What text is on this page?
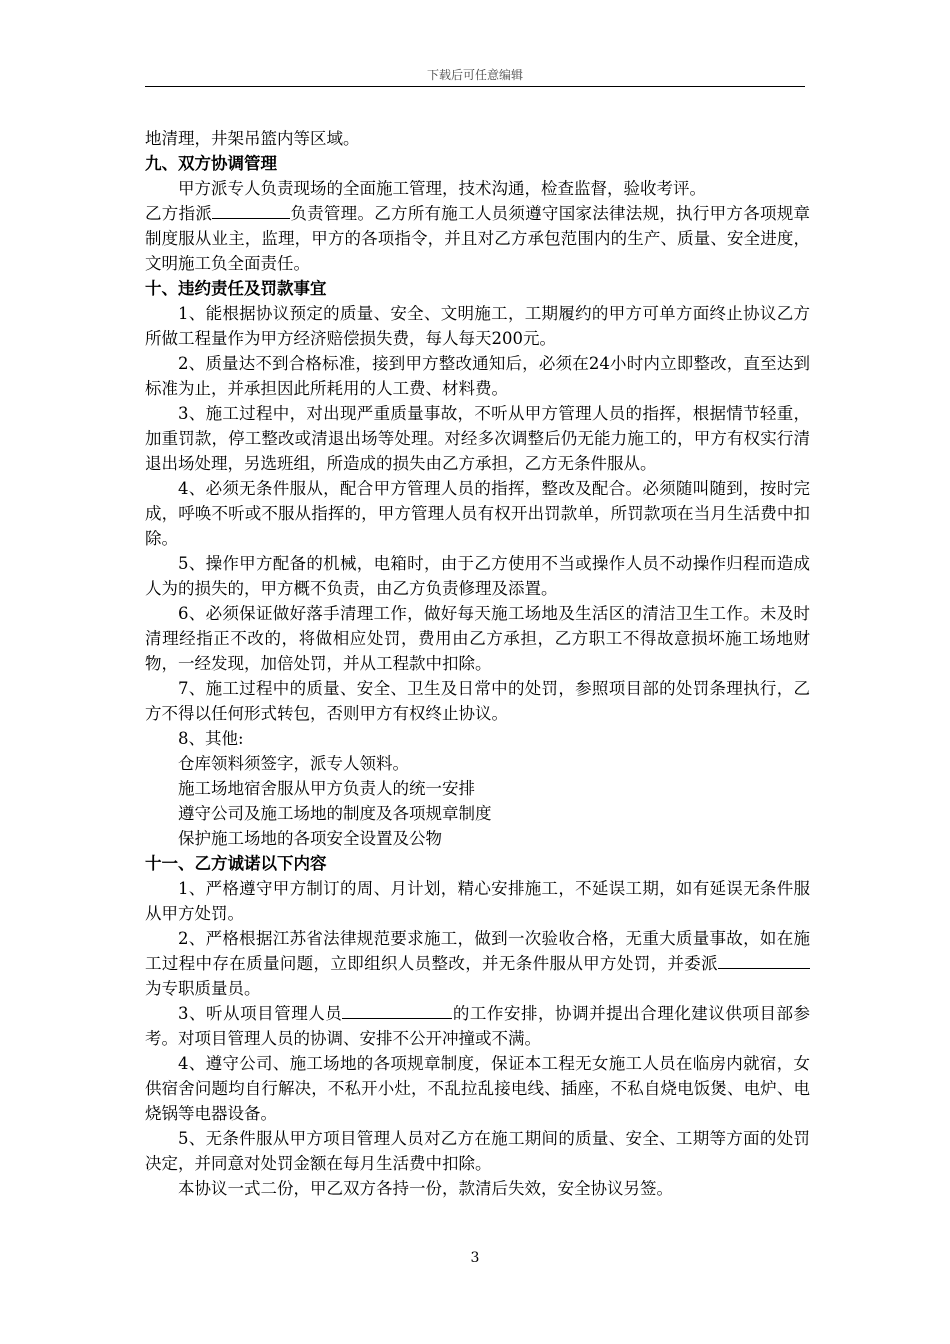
下载后可任意编辑

地清理，井架吊篮内等区域。

九、双方协调管理

甲方派专人负责现场的全面施工管理，技术沟通，检查监督，验收考评。

乙方指派	负责管理。乙方所有施工人员须遵守国家法律法规，执行甲方各项规章制度服从业主，监理，甲方的各项指令，并且对乙方承包范围内的生产、质量、安全进度，文明施工负全面责任。

十、违约责任及罚款事宜

1、能根据协议预定的质量、安全、文明施工，工期履约的甲方可单方面终止协议乙方所做工程量作为甲方经济赔偿损失费，每人每天200元。

2、质量达不到合格标准，接到甲方整改通知后，必须在24小时内立即整改，直至达到标准为止，并承担因此所耗用的人工费、材料费。

3、施工过程中，对出现严重质量事故，不听从甲方管理人员的指挥，根据情节轻重，加重罚款，停工整改或清退出场等处理。对经多次调整后仍无能力施工的，甲方有权实行清退出场处理，另选班组，所造成的损失由乙方承担，乙方无条件服从。

4、必须无条件服从，配合甲方管理人员的指挥，整改及配合。必须随叫随到，按时完成，呼唤不听或不服从指挥的，甲方管理人员有权开出罚款单，所罚款项在当月生活费中扣除。

5、操作甲方配备的机械，电箱时，由于乙方使用不当或操作人员不动操作归程而造成人为的损失的，甲方概不负责，由乙方负责修理及添置。

6、必须保证做好落手清理工作，做好每天施工场地及生活区的清洁卫生工作。未及时清理经指正不改的，将做相应处罚，费用由乙方承担，乙方职工不得故意损坏施工场地财物，一经发现，加倍处罚，并从工程款中扣除。

7、施工过程中的质量、安全、卫生及日常中的处罚，参照项目部的处罚条理执行，乙方不得以任何形式转包，否则甲方有权终止协议。

8、其他:

仓库领料须签字，派专人领料。

施工场地宿舍服从甲方负责人的统一安排

遵守公司及施工场地的制度及各项规章制度

保护施工场地的各项安全设置及公物

十一、乙方诚诺以下内容

1、严格遵守甲方制订的周、月计划，精心安排施工，不延误工期，如有延误无条件服从甲方处罚。

2、严格根据江苏省法律规范要求施工，做到一次验收合格，无重大质量事故，如在施工过程中存在质量问题，立即组织人员整改，并无条件服从甲方处罚，并委派为专职质量员。

3、听从项目管理人员	的工作安排，协调并提出合理化建议供项目部参考。对项目管理人员的协调、安排不公开冲撞或不满。

4、遵守公司、施工场地的各项规章制度，保证本工程无女施工人员在临房内就宿，女供宿舍问题均自行解决，不私开小灶，不乱拉乱接电线、插座，不私自烧电饭煲、电炉、电烧锅等电器设备。

5、无条件服从甲方项目管理人员对乙方在施工期间的质量、安全、工期等方面的处罚决定，并同意对处罚金额在每月生活费中扣除。

本协议一式二份，甲乙双方各持一份，款清后失效，安全协议另签。

3
